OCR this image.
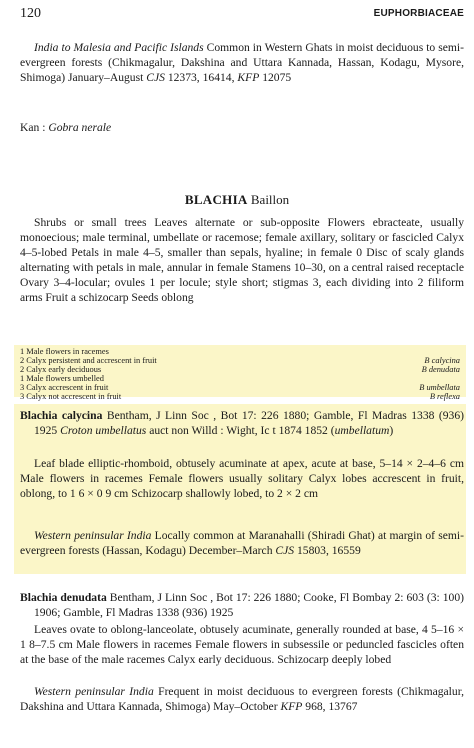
120	EUPHORBIACEAE
India to Malesia and Pacific Islands Common in Western Ghats in moist deciduous to semi-evergreen forests (Chikmagalur, Dakshina and Uttara Kannada, Hassan, Kodagu, Mysore, Shimoga) January–August CJS 12373, 16414, KFP 12075
Kan : Gobra nerale
BLACHIA Baillon
Shrubs or small trees Leaves alternate or sub-opposite Flowers ebracteate, usually monoecious; male terminal, umbellate or racemose; female axillary, solitary or fascicled Calyx 4–5-lobed Petals in male 4–5, smaller than sepals, hyaline; in female 0 Disc of scaly glands alternating with petals in male, annular in female Stamens 10–30, on a central raised receptacle Ovary 3–4-locular; ovules 1 per locule; style short; stigmas 3, each dividing into 2 filiform arms Fruit a schizocarp Seeds oblong
1 Male flowers in racemes
2 Calyx persistent and accrescent in fruit	B calycina
2 Calyx early deciduous	B denudata
1 Male flowers umbelled
3 Calyx accrescent in fruit	B umbellata
3 Calyx not accrescent in fruit	B reflexa
Blachia calycina Bentham, J Linn Soc , Bot 17: 226 1880; Gamble, Fl Madras 1338 (936) 1925 Croton umbellatus auct non Willd : Wight, Ic t 1874 1852 (umbellatum)
Leaf blade elliptic-rhomboid, obtusely acuminate at apex, acute at base, 5–14 × 2–4–6 cm Male flowers in racemes Female flowers usually solitary Calyx lobes accrescent in fruit, oblong, to 1 6 × 0 9 cm Schizocarp shallowly lobed, to 2 × 2 cm
Western peninsular India Locally common at Maranahalli (Shiradi Ghat) at margin of semi-evergreen forests (Hassan, Kodagu) December–March CJS 15803, 16559
Blachia denudata Bentham, J Linn Soc , Bot 17: 226 1880; Cooke, Fl Bombay 2: 603 (3: 100) 1906; Gamble, Fl Madras 1338 (936) 1925
Leaves ovate to oblong-lanceolate, obtusely acuminate, generally rounded at base, 4 5–16 × 1 8–7.5 cm Male flowers in racemes Female flowers in subsessile or peduncled fascicles often at the base of the male racemes Calyx early deciduous. Schizocarp deeply lobed
Western peninsular India Frequent in moist deciduous to evergreen forests (Chikmagalur, Dakshina and Uttara Kannada, Shimoga) May–October KFP 968, 13767
